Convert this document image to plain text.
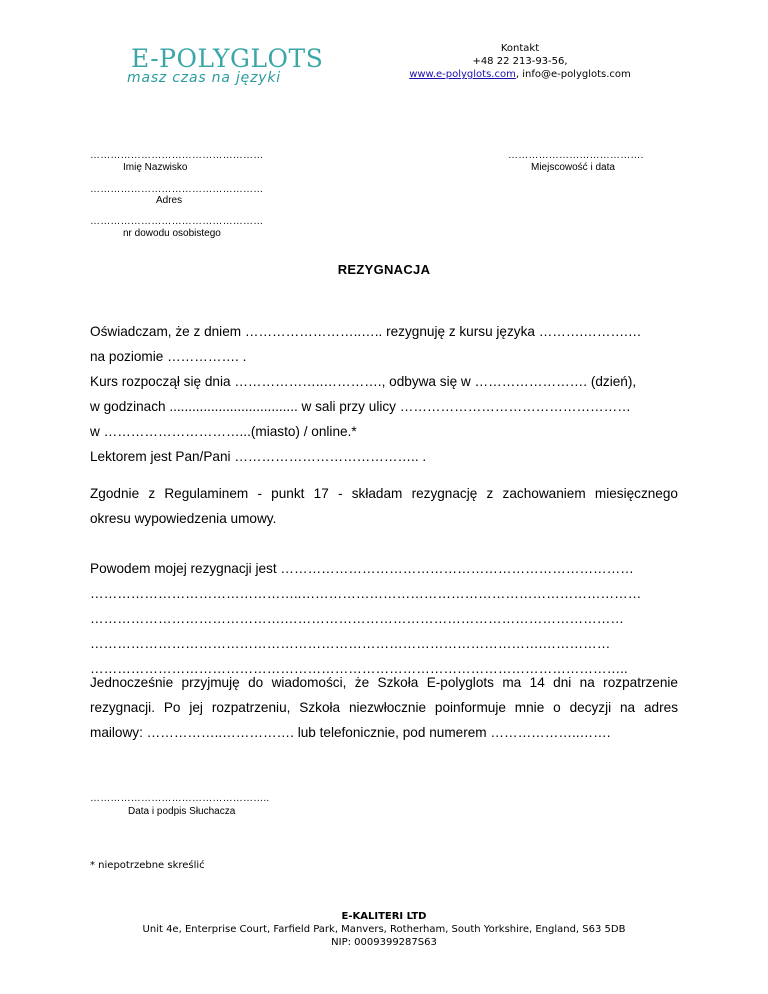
E-POLYGLOTS
masz czas na języki
Kontakt
+48 22 213-93-56,
www.e-polyglots.com, info@e-polyglots.com
……………………………………………
Imię Nazwisko
……………………………………………
Adres
……………………………………………
nr dowodu osobistego
………………………………….
Miejscowość i data
REZYGNACJA
Oświadczam, że z dniem ……………………..….. rezygnuję z kursu języka ……….……….…
na poziomie ……………. .
Kurs rozpoczął się dnia ………………..…………., odbywa się w ……………………. (dzień),
w godzinach .................................. w sali przy ulicy ……………………………………………
w …………………………...(miasto) / online.*
Lektorem jest Pan/Pani ………………………………….. .
Zgodnie z Regulaminem - punkt 17 - składam rezygnację z zachowaniem miesięcznego
okresu wypowiedzenia umowy.
Powodem mojej rezygnacji jest ……………………………………………………………………
………………………………………..…………………………………………………………………
…………………………………….…………………………………………………………………
……………………………………………………………………………………….……………
………………………………………………………………………………………………………..
Jednocześnie przyjmuję do wiadomości, że Szkoła E-polyglots ma 14 dni na rozpatrzenie
rezygnacji. Po jej rozpatrzeniu, Szkoła niezwłocznie poinformuje mnie o decyzji na adres
mailowy: ……………..……………. lub telefonicznie, pod numerem ………………..…….
……………………………………………..
Data i podpis Słuchacza
* niepotrzebne skreślić
E-KALITERI LTD
Unit 4e, Enterprise Court, Farfield Park, Manvers, Rotherham, South Yorkshire, England, S63 5DB
NIP: 0009399287S63
